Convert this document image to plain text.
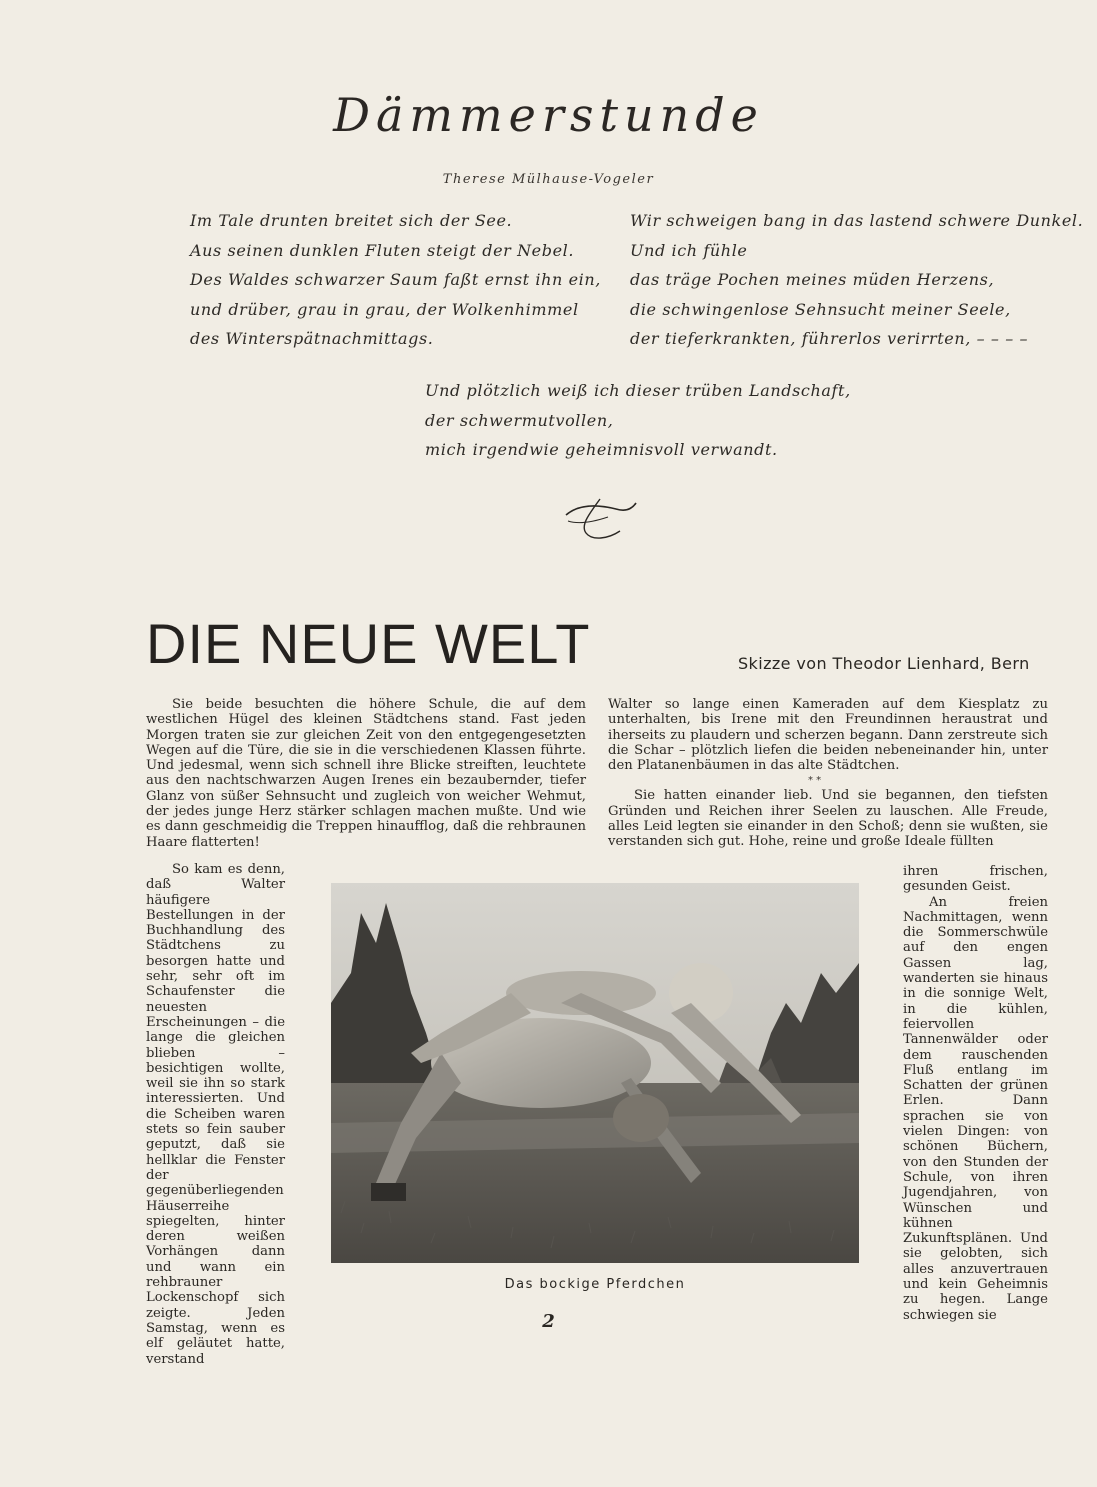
Dämmerstunde
Therese Mülhause-Vogeler
Im Tale drunten breitet sich der See.
Aus seinen dunklen Fluten steigt der Nebel.
Des Waldes schwarzer Saum faßt ernst ihn ein,
und drüber, grau in grau, der Wolkenhimmel
des Winterspätnachmittags.
Wir schweigen bang in das lastend schwere Dunkel.
Und ich fühle
das träge Pochen meines müden Herzens,
die schwingenlose Sehnsucht meiner Seele,
der tieferkrankten, führerlos verirrten, – – – –
Und plötzlich weiß ich dieser trüben Landschaft,
der schwermutvollen,
mich irgendwie geheimnisvoll verwandt.
DIE NEUE WELT	Skizze von Theodor Lienhard, Bern

Sie beide besuchten die höhere Schule, die auf dem westlichen Hügel des kleinen Städtchens stand. Fast jeden Morgen traten sie zur gleichen Zeit von den entgegengesetzten Wegen auf die Türe, die sie in die verschiedenen Klassen führte. Und jedesmal, wenn sich schnell ihre Blicke streiften, leuchtete aus den nachtschwarzen Augen Irenes ein bezaubernder, tiefer Glanz von süßer Sehnsucht und zugleich von weicher Wehmut, der jedes junge Herz stärker schlagen machen mußte. Und wie es dann geschmeidig die Treppen hinaufflog, daß die rehbraunen Haare flatterten!

So kam es denn, daß Walter häufigere Bestellungen in der Buchhandlung des Städtchens zu besorgen hatte und sehr, sehr oft im Schaufenster die neuesten Erscheinungen – die lange die gleichen blieben – besichtigen wollte, weil sie ihn so stark interessierten. Und die Scheiben waren stets so fein sauber geputzt, daß sie hellklar die Fenster der gegenüberliegenden Häuserreihe spiegelten, hinter deren weißen Vorhängen dann und wann ein rehbrauner Lockenschopf sich zeigte. Jeden Samstag, wenn es elf geläutet hatte, verstand

Walter so lange einen Kameraden auf dem Kiesplatz zu unterhalten, bis Irene mit den Freundinnen heraustrat und iherseits zu plaudern und scherzen begann. Dann zerstreute sich die Schar – plötzlich liefen die beiden nebeneinander hin, unter den Platanenbäumen in das alte Städtchen.

Sie hatten einander lieb. Und sie begannen, den tiefsten Gründen und Reichen ihrer Seelen zu lauschen. Alle Freude, alles Leid legten sie einander in den Schoß; denn sie wußten, sie verstanden sich gut. Hohe, reine und große Ideale füllten

* *

ihren frischen, gesunden Geist.

An freien Nachmittagen, wenn die Sommerschwüle auf den engen Gassen lag, wanderten sie hinaus in die sonnige Welt, in die kühlen, feiervollen Tannenwälder oder dem rauschenden Fluß entlang im Schatten der grünen Erlen. Dann sprachen sie von vielen Dingen: von schönen Büchern, von den Stunden der Schule, von ihren Jugendjahren, von Wünschen und kühnen Zukunftsplänen. Und sie gelobten, sich alles anzuvertrauen und kein Geheimnis zu hegen. Lange schwiegen sie

Das bockige Pferdchen
2
